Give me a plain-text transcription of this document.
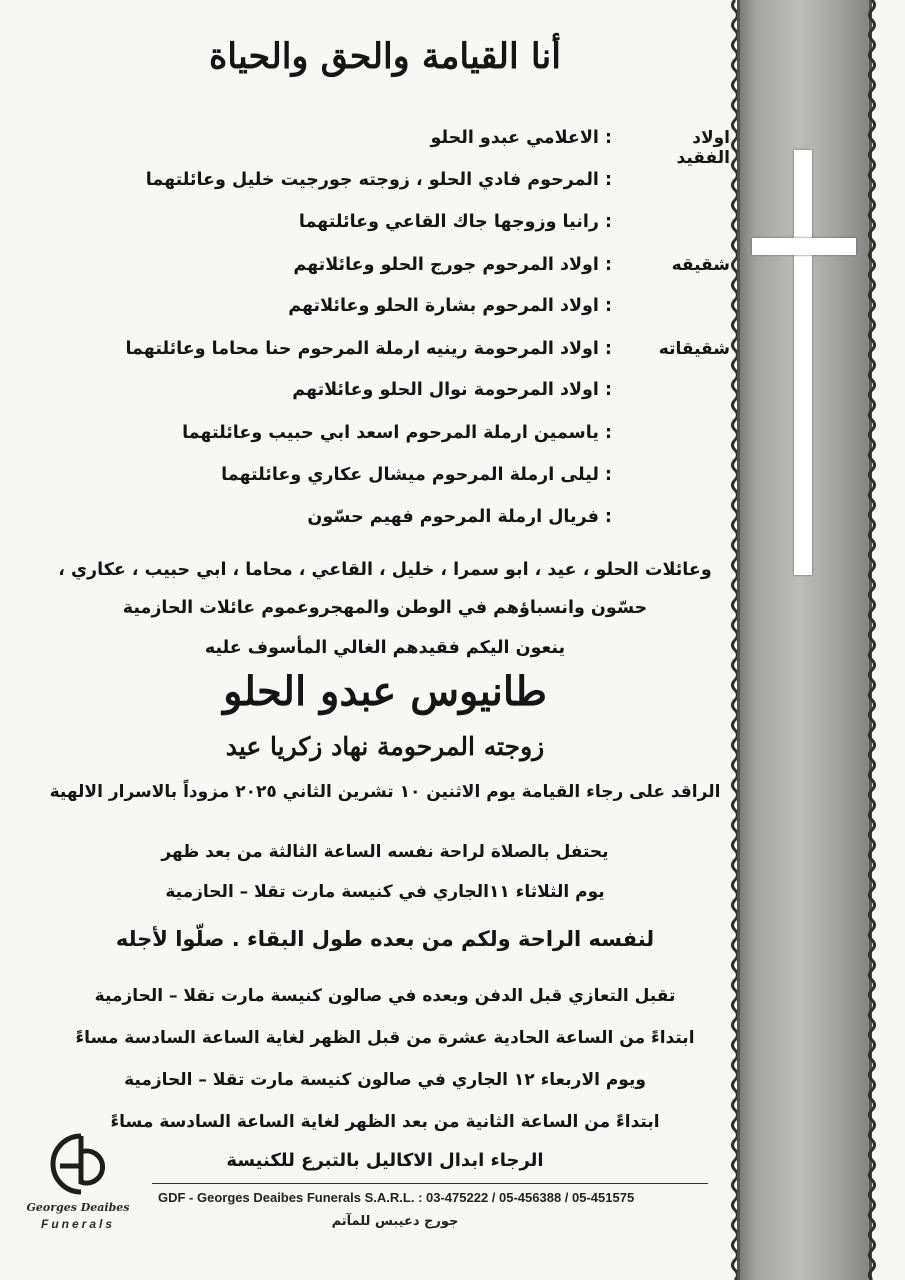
أنا القيامة والحق والحياة
اولاد الفقيد
: الاعلامي عبدو الحلو
: المرحوم فادي الحلو ، زوجته جورجيت خليل وعائلتهما
: رانيا وزوجها جاك القاعي وعائلتهما
شقيقه
: اولاد المرحوم جورج الحلو وعائلاتهم
: اولاد المرحوم بشارة الحلو وعائلاتهم
شقيقاته
: اولاد المرحومة رينيه ارملة المرحوم حنا محاما وعائلتهما
: اولاد المرحومة نوال الحلو وعائلاتهم
: ياسمين ارملة المرحوم اسعد ابي حبيب وعائلتهما
: ليلى ارملة المرحوم ميشال عكاري وعائلتهما
: فريال ارملة المرحوم فهيم حسّون
وعائلات الحلو ، عيد ، ابو سمرا ، خليل ، القاعي ، محاما ، ابي حبيب ، عكاري ،
حسّون وانسباؤهم في الوطن والمهجروعموم عائلات الحازمية
ينعون اليكم فقيدهم الغالي المأسوف عليه
طانيوس عبدو الحلو
زوجته المرحومة نهاد زكريا عيد
الراقد على رجاء القيامة يوم الاثنين ١٠ تشرين الثاني ٢٠٢٥ مزوداً بالاسرار الالهية
يحتفل بالصلاة لراحة نفسه الساعة الثالثة من بعد ظهر
يوم الثلاثاء ١١الجاري في كنيسة مارت تقلا – الحازمية
لنفسه الراحة ولكم من بعده طول البقاء . صلّوا لأجله
تقبل التعازي قبل الدفن وبعده في صالون كنيسة مارت تقلا – الحازمية
ابتداءً من الساعة الحادية عشرة من قبل الظهر لغاية الساعة السادسة مساءً
ويوم الاربعاء ١٢ الجاري في صالون كنيسة مارت تقلا – الحازمية
ابتداءً من الساعة الثانية من بعد الظهر لغاية الساعة السادسة مساءً
الرجاء ابدال الاكاليل بالتبرع للكنيسة
Georges Deaibes
Funerals
GDF - Georges Deaibes Funerals S.A.R.L. : 03-475222 / 05-456388 / 05-451575
جورج دعيبس للمآتم
